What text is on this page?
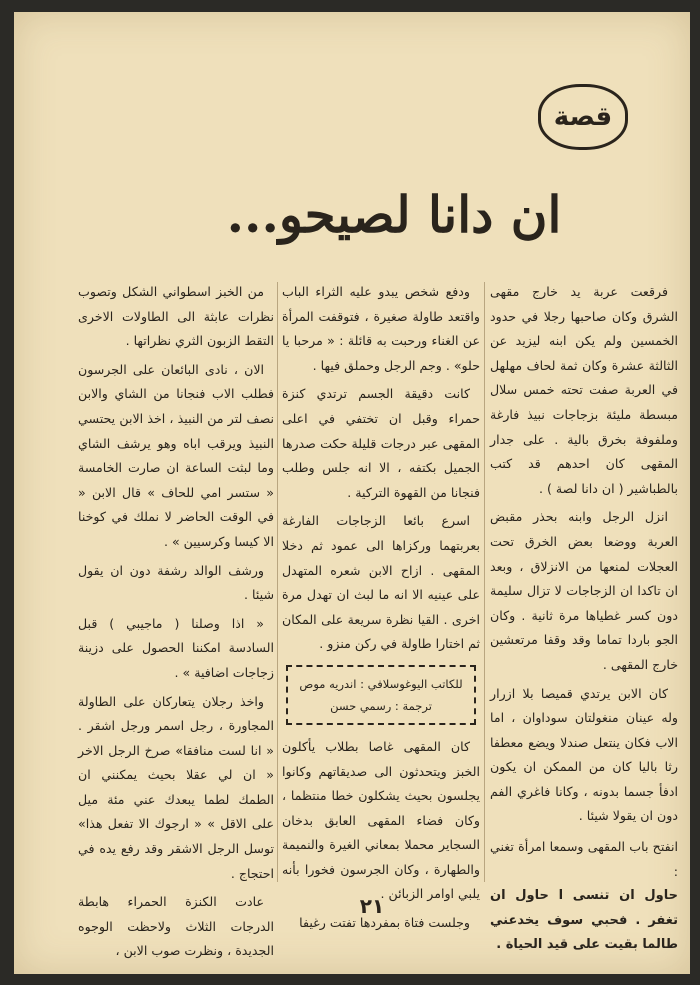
قصة
ان دانا لصيحو...

فرقعت عربة يد خارج مقهى الشرق وكان صاحبها رجلا في حدود الخمسين ولم يكن ابنه ليزيد عن الثالثة عشرة وكان ثمة لحاف مهلهل في العربة صفت تحته خمس سلال مبسطة مليئة بزجاجات نبيذ فارغة وملفوفة بخرق بالية . على جدار المقهى كان احدهم قد كتب بالطباشير ( ان دانا لصة ) .

انزل الرجل وابنه بحذر مقبض العربة ووضعا بعض الخرق تحت العجلات لمنعها من الانزلاق ، وبعد ان تاكدا ان الزجاجات لا تزال سليمة دون كسر غطياها مرة ثانية . وكان الجو باردا تماما وقد وقفا مرتعشين خارج المقهى .

كان الابن يرتدي قميصا بلا ازرار وله عينان منغولتان سوداوان ، اما الاب فكان ينتعل صندلا ويضع معطفا رثا باليا كان من الممكن ان يكون ادفأ جسما بدونه ، وكانا فاغري الفم دون ان يقولا شيئا .

انفتح باب المقهى وسمعا امرأة تغني :
حاول ان تنسى ا حاول ان تغفر . فحبي سوف يخدعني طالما بقيت على قيد الحياة .

ودفع شخص يبدو عليه الثراء الباب واقتعد طاولة صغيرة ، فتوقفت المرأة عن الغناء ورحبت به قائلة : « مرحبا يا حلو» . وجم الرجل وحملق فيها .

كانت دقيقة الجسم ترتدي كنزة حمراء وقبل ان تختفي في اعلى المقهى عبر درجات قليلة حكت صدرها الجميل بكتفه ، الا انه جلس وطلب فنجانا من القهوة التركية .

اسرع بائعا الزجاجات الفارغة بعربتهما وركزاها الى عمود ثم دخلا المقهى . ازاح الابن شعره المتهدل على عينيه الا انه ما لبث ان تهدل مرة اخرى . القيا نظرة سريعة على المكان ثم اختارا طاولة في ركن منزو .

للكاتب اليوغوسلافي : اندريه موص
ترجمة : رسمي حسن

كان المقهى غاصا بطلاب يأكلون الخبز ويتحدثون الى صديقاتهم وكانوا يجلسون بحيث يشكلون خطا منتظما ، وكان فضاء المقهى العابق بدخان السجاير محملا بمعاني الغيرة والنميمة والطهارة ، وكان الجرسون فخورا بأنه يلبي اوامر الزبائن .

وجلست فتاة بمفردها تفتت رغيفا

من الخبز اسطواني الشكل وتصوب نظرات عابثة الى الطاولات الاخرى التقط الزبون الثري نظراتها .

الان ، نادى البائعان على الجرسون فطلب الاب فنجانا من الشاي والابن نصف لتر من النبيذ ، اخذ الابن يحتسي النبيذ ويرقب اباه وهو يرشف الشاي وما لبثت الساعة ان صارت الخامسة « ستسر امي للحاف » قال الابن « في الوقت الحاضر لا نملك في كوخنا الا كيسا وكرسيين » .

ورشف الوالد رشفة دون ان يقول شيئا .

« اذا وصلنا ( ماجيبي ) قبل السادسة امكننا الحصول على دزينة زجاجات اضافية » .

واخذ رجلان يتعاركان على الطاولة المجاورة ، رجل اسمر ورجل اشقر . « انا لست منافقا» صرخ الرجل الاخر « ان لي عقلا بحيث يمكنني ان الطمك لطما يبعدك عني مئة ميل على الاقل » « ارجوك الا تفعل هذا» توسل الرجل الاشقر وقد رفع يده في احتجاج .

عادت الكنزة الحمراء هابطة الدرجات الثلاث ولاحظت الوجوه الجديدة ، ونظرت صوب الابن ،

٢١
